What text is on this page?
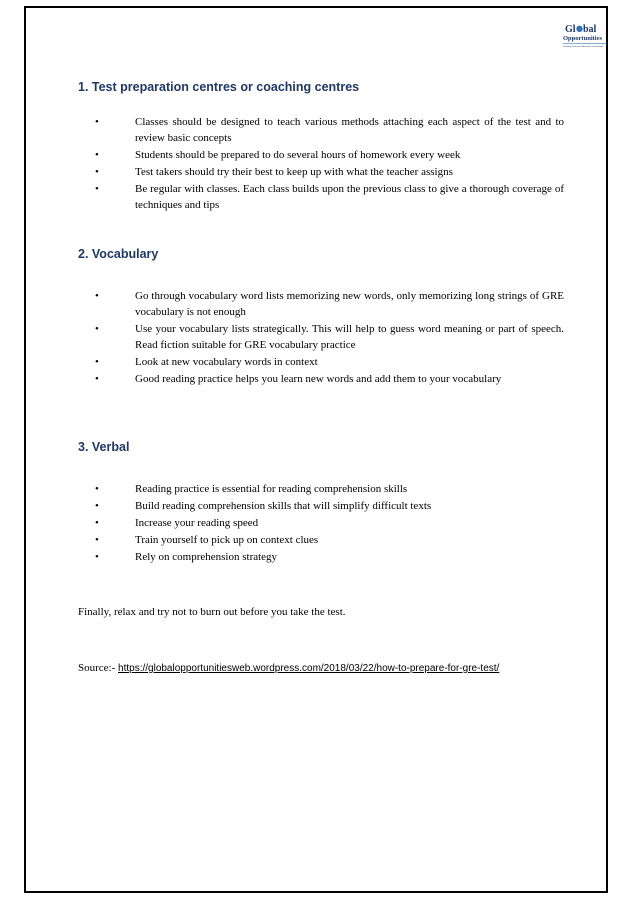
Gl bal
Opportunities
Leading Overseas Education Consultants
1. Test preparation centres or coaching centres
•	Classes should be designed to teach various methods attaching each aspect of the test and to review basic concepts
•	Students should be prepared to do several hours of homework every week
•	Test takers should try their best to keep up with what the teacher assigns
•	Be regular with classes. Each class builds upon the previous class to give a thorough coverage of techniques and tips
2. Vocabulary
•	Go through vocabulary word lists memorizing new words, only memorizing long strings of GRE vocabulary is not enough
•	Use your vocabulary lists strategically. This will help to guess word meaning or part of speech. Read fiction suitable for GRE vocabulary practice
•	Look at new vocabulary words in context
•	Good reading practice helps you learn new words and add them to your vocabulary
3. Verbal
•	Reading practice is essential for reading comprehension skills
•	Build reading comprehension skills that will simplify difficult texts
•	Increase your reading speed
•	Train yourself to pick up on context clues
•	Rely on comprehension strategy
Finally, relax and try not to burn out before you take the test.
Source:- https://globalopportunitiesweb.wordpress.com/2018/03/22/how-to-prepare-for-gre-test/
